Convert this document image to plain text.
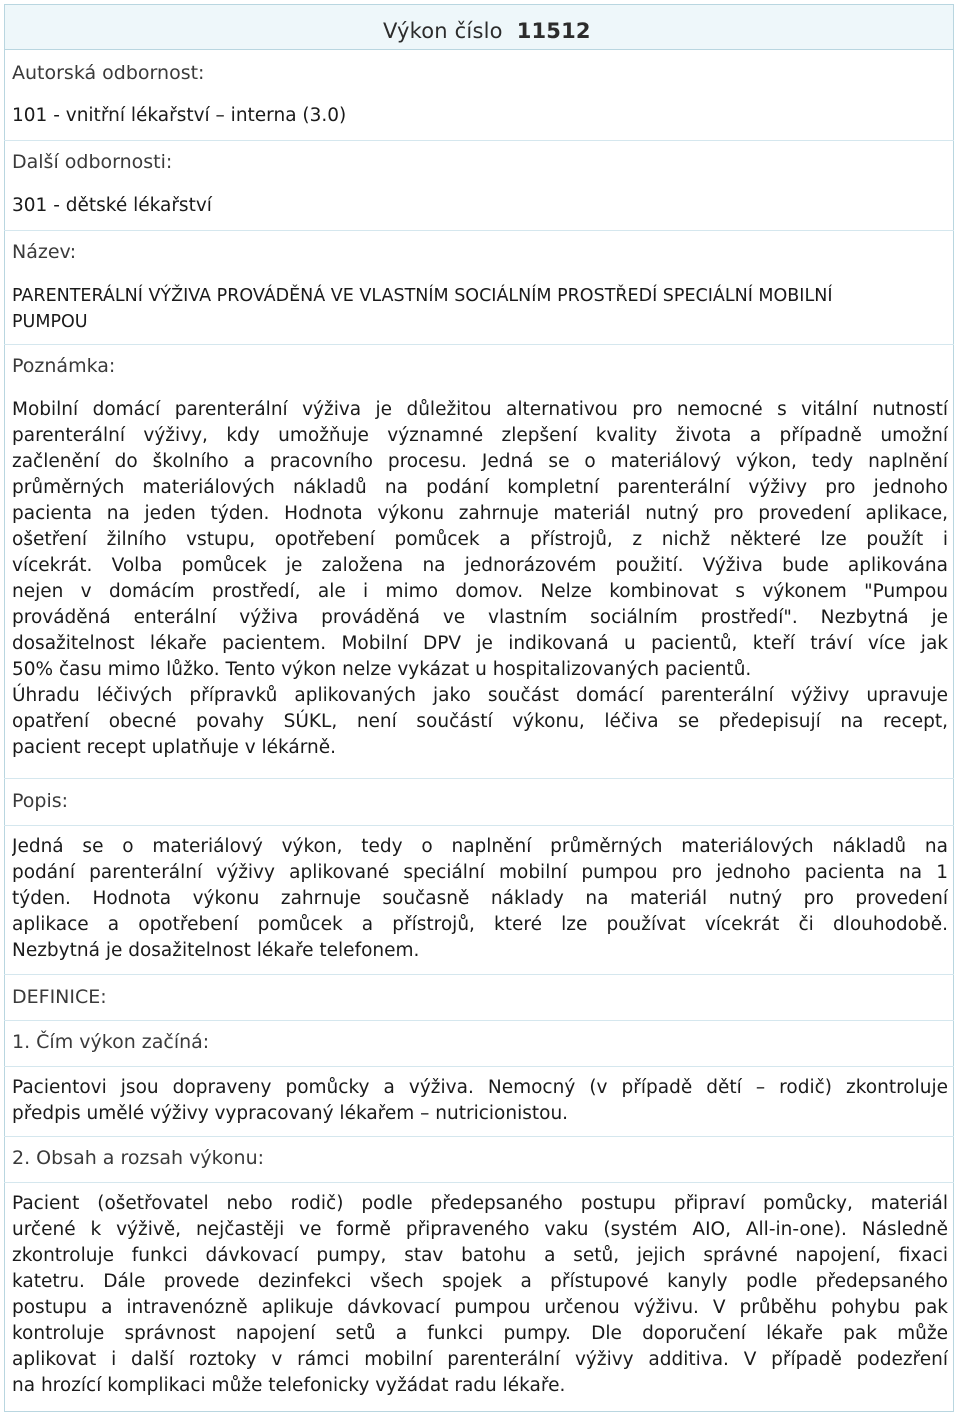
Výkon číslo 11512
Autorská odbornost:
101 - vnitřní lékařství – interna (3.0)
Další odbornosti:
301 - dětské lékařství
Název:
PARENTERÁLNÍ VÝŽIVA PROVÁDĚNÁ VE VLASTNÍM SOCIÁLNÍM PROSTŘEDÍ SPECIÁLNÍ MOBILNÍ
PUMPOU
Poznámka:
Mobilní domácí parenterální výživa je důležitou alternativou pro nemocné s vitální nutností
parenterální výživy, kdy umožňuje významné zlepšení kvality života a případně umožní
začlenění do školního a pracovního procesu. Jedná se o materiálový výkon, tedy naplnění
průměrných materiálových nákladů na podání kompletní parenterální výživy pro jednoho
pacienta na jeden týden. Hodnota výkonu zahrnuje materiál nutný pro provedení aplikace,
ošetření žilního vstupu, opotřebení pomůcek a přístrojů, z nichž některé lze použít i
vícekrát. Volba pomůcek je založena na jednorázovém použití. Výživa bude aplikována
nejen v domácím prostředí, ale i mimo domov. Nelze kombinovat s výkonem "Pumpou
prováděná enterální výživa prováděná ve vlastním sociálním prostředí". Nezbytná je
dosažitelnost lékaře pacientem. Mobilní DPV je indikovaná u pacientů, kteří tráví více jak
50% času mimo lůžko. Tento výkon nelze vykázat u hospitalizovaných pacientů.
Úhradu léčivých přípravků aplikovaných jako součást domácí parenterální výživy upravuje
opatření obecné povahy SÚKL, není součástí výkonu, léčiva se předepisují na recept,
pacient recept uplatňuje v lékárně.
Popis:
Jedná se o materiálový výkon, tedy o naplnění průměrných materiálových nákladů na
podání parenterální výživy aplikované speciální mobilní pumpou pro jednoho pacienta na 1
týden. Hodnota výkonu zahrnuje současně náklady na materiál nutný pro provedení
aplikace a opotřebení pomůcek a přístrojů, které lze používat vícekrát či dlouhodobě.
Nezbytná je dosažitelnost lékaře telefonem.
DEFINICE:
1. Čím výkon začíná:
Pacientovi jsou dopraveny pomůcky a výživa. Nemocný (v případě dětí – rodič) zkontroluje
předpis umělé výživy vypracovaný lékařem – nutricionistou.
2. Obsah a rozsah výkonu:
Pacient (ošetřovatel nebo rodič) podle předepsaného postupu připraví pomůcky, materiál
určené k výživě, nejčastěji ve formě připraveného vaku (systém AIO, All-in-one). Následně
zkontroluje funkci dávkovací pumpy, stav batohu a setů, jejich správné napojení, fixaci
katetru. Dále provede dezinfekci všech spojek a přístupové kanyly podle předepsaného
postupu a intravenózně aplikuje dávkovací pumpou určenou výživu. V průběhu pohybu pak
kontroluje správnost napojení setů a funkci pumpy. Dle doporučení lékaře pak může
aplikovat i další roztoky v rámci mobilní parenterální výživy additiva. V případě podezření
na hrozící komplikaci může telefonicky vyžádat radu lékaře.
